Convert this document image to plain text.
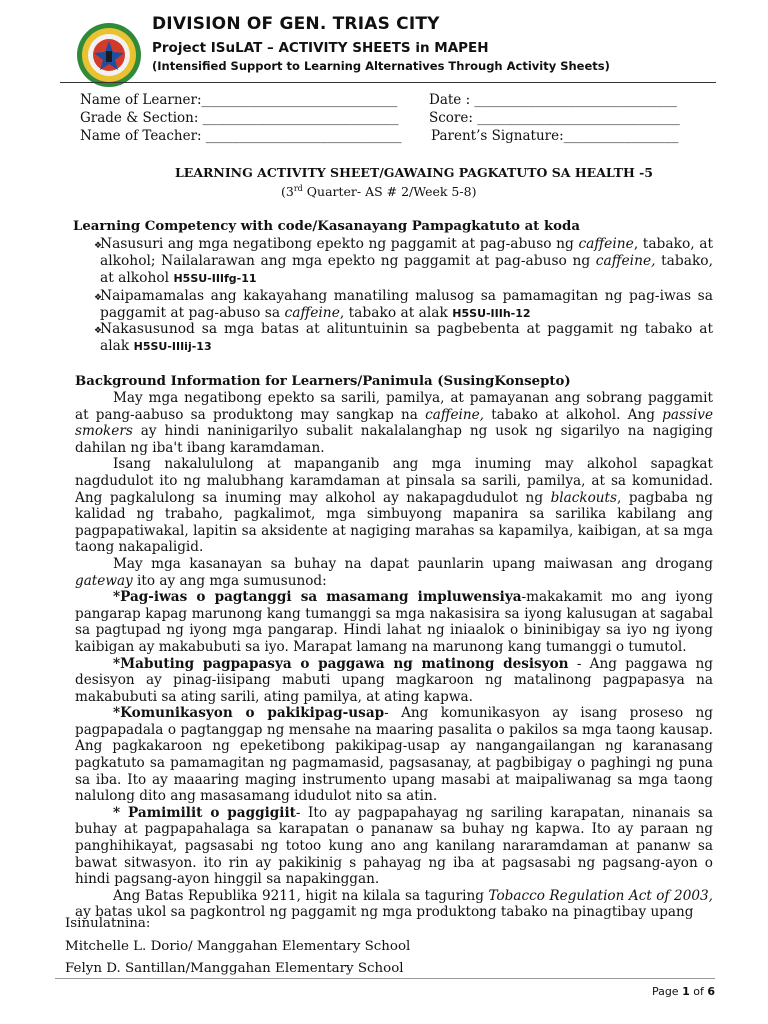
DIVISION OF GEN. TRIAS CITY
Project ISuLAT – ACTIVITY SHEETS in MAPEH
(Intensified Support to Learning Alternatives Through Activity Sheets)
Name of Learner:_____________________________ Date : ______________________________
Grade & Section: _____________________________ Score: ______________________________
Name of Teacher: _____________________________ Parent’s Signature:_________________
LEARNING ACTIVITY SHEET/GAWAING PAGKATUTO SA HEALTH -5
(3rd Quarter- AS # 2/Week 5-8)
Learning Competency with code/Kasanayang Pampagkatuto at koda
❖
Nasusuri ang mga negatibong epekto ng paggamit at pag-abuso ng caffeine, tabako, at alkohol; Nailalarawan ang mga epekto ng paggamit at pag-abuso ng caffeine, tabako, at alkohol H5SU-IIIfg-11
❖
Naipamamalas ang kakayahang manatiling malusog sa pamamagitan ng pag-iwas sa paggamit at pag-abuso sa caffeine, tabako at alak H5SU-IIIh-12
❖
Nakasusunod sa mga batas at alituntuinin sa pagbebenta at paggamit ng tabako at alak H5SU-IIIij-13
Background Information for Learners/Panimula (SusingKonsepto)

May mga negatibong epekto sa sarili, pamilya, at pamayanan ang sobrang paggamit at pang-aabuso sa produktong may sangkap na caffeine, tabako at alkohol. Ang passive smokers ay hindi naninigarilyo subalit nakalalanghap ng usok ng sigarilyo na nagiging dahilan ng iba't ibang karamdaman.

Isang nakalululong at mapanganib ang mga inuming may alkohol sapagkat nagdudulot ito ng malubhang karamdaman at pinsala sa sarili, pamilya, at sa komunidad. Ang pagkalulong sa inuming may alkohol ay nakapagdudulot ng blackouts, pagbaba ng kalidad ng trabaho, pagkalimot, mga simbuyong mapanira sa sarilika kabilang ang pagpapatiwakal, lapitin sa aksidente at nagiging marahas sa kapamilya, kaibigan, at sa mga taong nakapaligid.

May mga kasanayan sa buhay na dapat paunlarin upang maiwasan ang drogang gateway ito ay ang mga sumusunod:

*Pag-iwas o pagtanggi sa masamang impluwensiya-makakamit mo ang iyong pangarap kapag marunong kang tumanggi sa mga nakasisira sa iyong kalusugan at sagabal sa pagtupad ng iyong mga pangarap. Hindi lahat ng iniaalok o bininibigay sa iyo ng iyong kaibigan ay makabubuti sa iyo. Marapat lamang na marunong kang tumanggi o tumutol.

*Mabuting pagpapasya o paggawa ng matinong desisyon - Ang paggawa ng desisyon ay pinag-iisipang mabuti upang magkaroon ng matalinong pagpapasya na makabubuti sa ating sarili, ating pamilya, at ating kapwa.

*Komunikasyon o pakikipag-usap- Ang komunikasyon ay isang proseso ng pagpapadala o pagtanggap ng mensahe na maaring pasalita o pakilos sa mga taong kausap. Ang pagkakaroon ng epeketibong pakikipag-usap ay nangangailangan ng karanasang pagkatuto sa pamamagitan ng pagmamasid, pagsasanay, at pagbibigay o paghingi ng puna sa iba. Ito ay maaaring maging instrumento upang masabi at maipaliwanag sa mga taong nalulong dito ang masasamang idudulot nito sa atin.

* Pamimilit o paggigiit- Ito ay pagpapahayag ng sariling karapatan, ninanais sa buhay at pagpapahalaga sa karapatan o pananaw sa buhay ng kapwa. Ito ay paraan ng panghihikayat, pagsasabi ng totoo kung ano ang kanilang nararamdaman at pananw sa bawat sitwasyon. ito rin ay pakikinig s pahayag ng iba at pagsasabi ng pagsang-ayon o hindi pagsang-ayon hinggil sa napakinggan.

Ang Batas Republika 9211, higit na kilala sa taguring Tobacco Regulation Act of 2003, ay batas ukol sa pagkontrol ng paggamit ng mga produktong tabako na pinagtibay upang

Isinulatnina:
Mitchelle L. Dorio/ Manggahan Elementary School
Felyn D. Santillan/Manggahan Elementary School
Page 1 of 6
